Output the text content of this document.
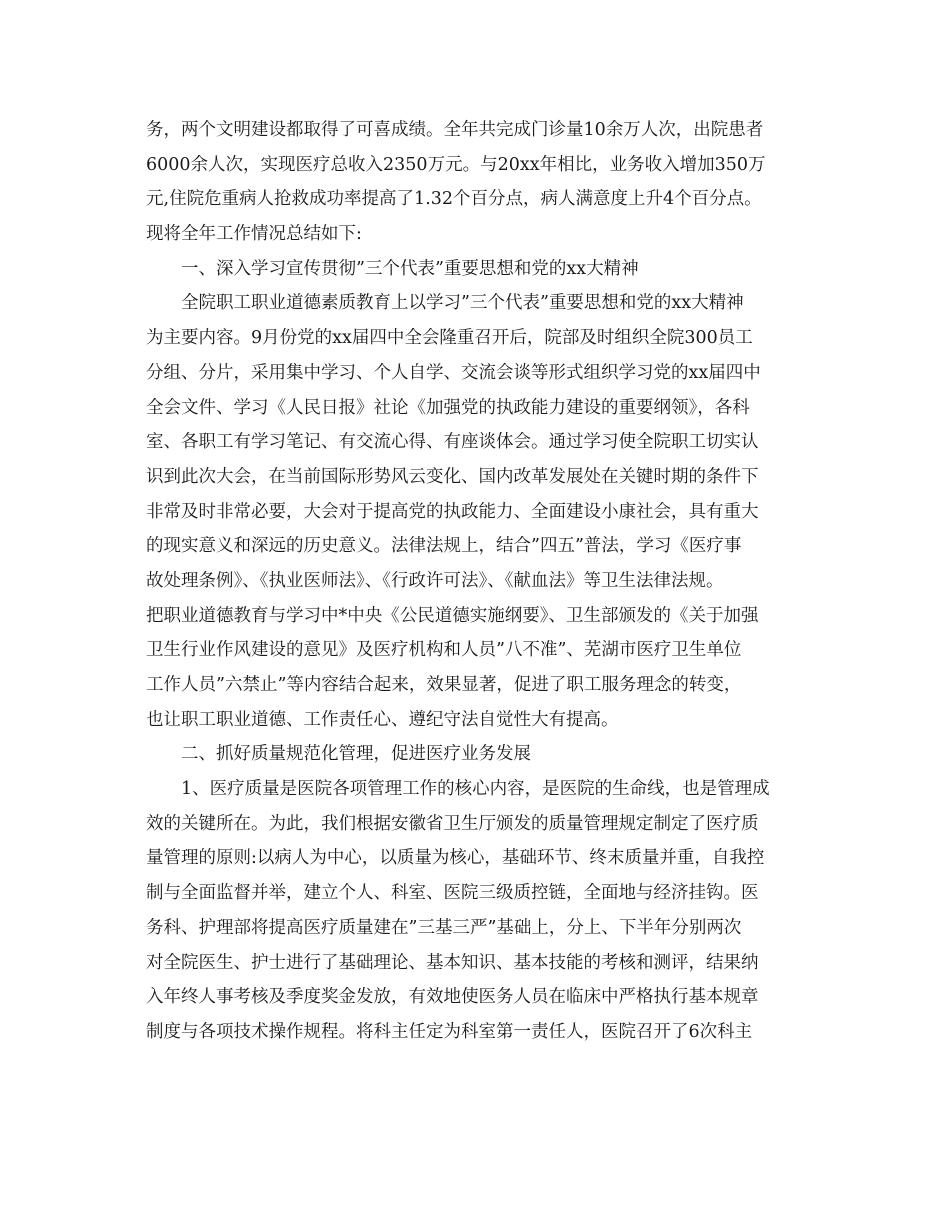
务，两个文明建设都取得了可喜成绩。全年共完成门诊量10余万人次，出院患者
6000余人次，实现医疗总收入2350万元。与20xx年相比，业务收入增加350万
元,住院危重病人抢救成功率提高了1.32个百分点，病人满意度上升4个百分点。
现将全年工作情况总结如下:
一、深入学习宣传贯彻”三个代表”重要思想和党的xx大精神
全院职工职业道德素质教育上以学习”三个代表”重要思想和党的xx大精神
为主要内容。9月份党的xx届四中全会隆重召开后，院部及时组织全院300员工
分组、分片，采用集中学习、个人自学、交流会谈等形式组织学习党的xx届四中
全会文件、学习《人民日报》社论《加强党的执政能力建设的重要纲领》，各科
室、各职工有学习笔记、有交流心得、有座谈体会。通过学习使全院职工切实认
识到此次大会，在当前国际形势风云变化、国内改革发展处在关键时期的条件下
非常及时非常必要，大会对于提高党的执政能力、全面建设小康社会，具有重大
的现实意义和深远的历史意义。法律法规上，结合”四五”普法，学习《医疗事
故处理条例》、《执业医师法》、《行政许可法》、《献血法》等卫生法律法规。
把职业道德教育与学习中*中央《公民道德实施纲要》、卫生部颁发的《关于加强
卫生行业作风建设的意见》及医疗机构和人员”八不准”、芜湖市医疗卫生单位
工作人员”六禁止”等内容结合起来，效果显著，促进了职工服务理念的转变，
也让职工职业道德、工作责任心、遵纪守法自觉性大有提高。
二、抓好质量规范化管理，促进医疗业务发展
1、医疗质量是医院各项管理工作的核心内容，是医院的生命线，也是管理成
效的关键所在。为此，我们根据安徽省卫生厅颁发的质量管理规定制定了医疗质
量管理的原则:以病人为中心，以质量为核心，基础环节、终末质量并重，自我控
制与全面监督并举，建立个人、科室、医院三级质控链，全面地与经济挂钩。医
务科、护理部将提高医疗质量建在”三基三严”基础上，分上、下半年分别两次
对全院医生、护士进行了基础理论、基本知识、基本技能的考核和测评，结果纳
入年终人事考核及季度奖金发放，有效地使医务人员在临床中严格执行基本规章
制度与各项技术操作规程。将科主任定为科室第一责任人，医院召开了6次科主
